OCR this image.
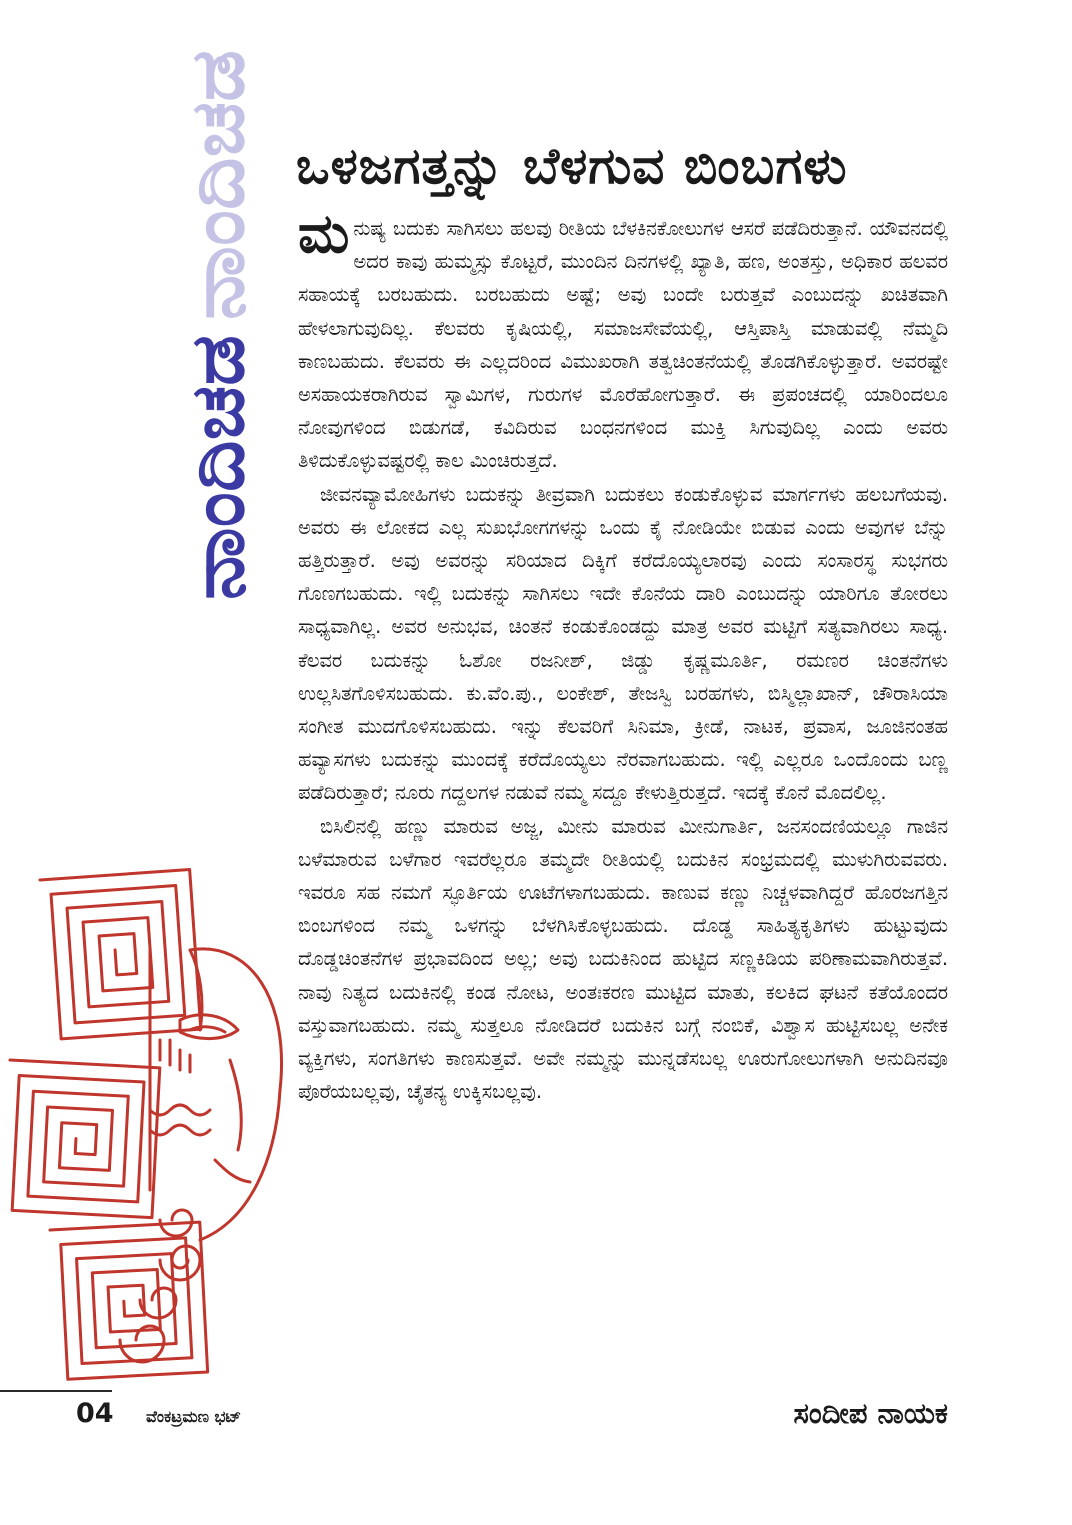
ನಾಂದಿಚಡ
ನಾಂದಿಚಡ
ಒಳಜಗತ್ತನ್ನು ಬೆಳಗುವ ಬಿಂಬಗಳು

ಮನುಷ್ಯ ಬದುಕು ಸಾಗಿಸಲು ಹಲವು ರೀತಿಯ ಬೆಳಕಿನಕೋಲುಗಳ ಆಸರೆ ಪಡೆದಿರುತ್ತಾನೆ. ಯೌವನದಲ್ಲಿ ಅದರ ಕಾವು ಹುಮ್ಮಸ್ಸು ಕೊಟ್ಟರೆ, ಮುಂದಿನ ದಿನಗಳಲ್ಲಿ ಖ್ಯಾತಿ, ಹಣ, ಅಂತಸ್ತು, ಅಧಿಕಾರ ಹಲವರ ಸಹಾಯಕ್ಕೆ ಬರಬಹುದು. ಬರಬಹುದು ಅಷ್ಟೆ; ಅವು ಬಂದೇ ಬರುತ್ತವೆ ಎಂಬುದನ್ನು ಖಚಿತವಾಗಿ ಹೇಳಲಾಗುವುದಿಲ್ಲ. ಕೆಲವರು ಕೃಷಿಯಲ್ಲಿ, ಸಮಾಜಸೇವೆಯಲ್ಲಿ, ಆಸ್ತಿಪಾಸ್ತಿ ಮಾಡುವಲ್ಲಿ ನೆಮ್ಮದಿ ಕಾಣಬಹುದು. ಕೆಲವರು ಈ ಎಲ್ಲದರಿಂದ ವಿಮುಖರಾಗಿ ತತ್ವಚಿಂತನೆಯಲ್ಲಿ ತೊಡಗಿಕೊಳ್ಳುತ್ತಾರೆ. ಅವರಷ್ಟೇ ಅಸಹಾಯಕರಾಗಿರುವ ಸ್ವಾಮಿಗಳ, ಗುರುಗಳ ಮೊರೆಹೋಗುತ್ತಾರೆ. ಈ ಪ್ರಪಂಚದಲ್ಲಿ ಯಾರಿಂದಲೂ ನೋವುಗಳಿಂದ ಬಿಡುಗಡೆ, ಕವಿದಿರುವ ಬಂಧನಗಳಿಂದ ಮುಕ್ತಿ ಸಿಗುವುದಿಲ್ಲ ಎಂದು ಅವರು ತಿಳಿದುಕೊಳ್ಳುವಷ್ಟರಲ್ಲಿ ಕಾಲ ಮಿಂಚಿರುತ್ತದೆ.

ಜೀವನವ್ಯಾಮೋಹಿಗಳು ಬದುಕನ್ನು ತೀವ್ರವಾಗಿ ಬದುಕಲು ಕಂಡುಕೊಳ್ಳುವ ಮಾರ್ಗಗಳು ಹಲಬಗೆಯವು. ಅವರು ಈ ಲೋಕದ ಎಲ್ಲ ಸುಖಭೋಗಗಳನ್ನು ಒಂದು ಕೈ ನೋಡಿಯೇ ಬಿಡುವ ಎಂದು ಅವುಗಳ ಬೆನ್ನು ಹತ್ತಿರುತ್ತಾರೆ. ಅವು ಅವರನ್ನು ಸರಿಯಾದ ದಿಕ್ಕಿಗೆ ಕರೆದೊಯ್ಯಲಾರವು ಎಂದು ಸಂಸಾರಸ್ಥ ಸುಭಗರು ಗೊಣಗಬಹುದು. ಇಲ್ಲಿ ಬದುಕನ್ನು ಸಾಗಿಸಲು ಇದೇ ಕೊನೆಯ ದಾರಿ ಎಂಬುದನ್ನು ಯಾರಿಗೂ ತೋರಲು ಸಾಧ್ಯವಾಗಿಲ್ಲ. ಅವರ ಅನುಭವ, ಚಿಂತನೆ ಕಂಡುಕೊಂಡದ್ದು ಮಾತ್ರ ಅವರ ಮಟ್ಟಿಗೆ ಸತ್ಯವಾಗಿರಲು ಸಾಧ್ಯ. ಕೆಲವರ ಬದುಕನ್ನು ಓಶೋ ರಜನೀಶ್, ಜಿಡ್ಡು ಕೃಷ್ಣಮೂರ್ತಿ, ರಮಣರ ಚಿಂತನೆಗಳು ಉಲ್ಲಸಿತಗೊಳಿಸಬಹುದು. ಕು.ವೆಂ.ಪು., ಲಂಕೇಶ್, ತೇಜಸ್ವಿ ಬರಹಗಳು, ಬಿಸ್ಮಿಲ್ಲಾಖಾನ್, ಚೌರಾಸಿಯಾ ಸಂಗೀತ ಮುದಗೊಳಿಸಬಹುದು. ಇನ್ನು ಕೆಲವರಿಗೆ ಸಿನಿಮಾ, ಕ್ರೀಡೆ, ನಾಟಕ, ಪ್ರವಾಸ, ಜೂಜಿನಂತಹ ಹವ್ಯಾಸಗಳು ಬದುಕನ್ನು ಮುಂದಕ್ಕೆ ಕರೆದೊಯ್ಯಲು ನೆರವಾಗಬಹುದು. ಇಲ್ಲಿ ಎಲ್ಲರೂ ಒಂದೊಂದು ಬಣ್ಣ ಪಡೆದಿರುತ್ತಾರೆ; ನೂರು ಗದ್ದಲಗಳ ನಡುವೆ ನಮ್ಮ ಸದ್ದೂ ಕೇಳುತ್ತಿರುತ್ತದೆ. ಇದಕ್ಕೆ ಕೊನೆ ಮೊದಲಿಲ್ಲ.

ಬಿಸಿಲಿನಲ್ಲಿ ಹಣ್ಣು ಮಾರುವ ಅಜ್ಜ, ಮೀನು ಮಾರುವ ಮೀನುಗಾರ್ತಿ, ಜನಸಂದಣಿಯಲ್ಲೂ ಗಾಜಿನ ಬಳೆಮಾರುವ ಬಳೆಗಾರ ಇವರೆಲ್ಲರೂ ತಮ್ಮದೇ ರೀತಿಯಲ್ಲಿ ಬದುಕಿನ ಸಂಭ್ರಮದಲ್ಲಿ ಮುಳುಗಿರುವವರು. ಇವರೂ ಸಹ ನಮಗೆ ಸ್ಫೂರ್ತಿಯ ಊಟೆಗಳಾಗಬಹುದು. ಕಾಣುವ ಕಣ್ಣು ನಿಚ್ಚಳವಾಗಿದ್ದರೆ ಹೊರಜಗತ್ತಿನ ಬಿಂಬಗಳಿಂದ ನಮ್ಮ ಒಳಗನ್ನು ಬೆಳಗಿಸಿಕೊಳ್ಳಬಹುದು. ದೊಡ್ಡ ಸಾಹಿತ್ಯಕೃತಿಗಳು ಹುಟ್ಟುವುದು ದೊಡ್ಡಚಿಂತನೆಗಳ ಪ್ರಭಾವದಿಂದ ಅಲ್ಲ; ಅವು ಬದುಕಿನಿಂದ ಹುಟ್ಟಿದ ಸಣ್ಣಕಿಡಿಯ ಪರಿಣಾಮವಾಗಿರುತ್ತವೆ. ನಾವು ನಿತ್ಯದ ಬದುಕಿನಲ್ಲಿ ಕಂಡ ನೋಟ, ಅಂತಃಕರಣ ಮುಟ್ಟಿದ ಮಾತು, ಕಲಕಿದ ಘಟನೆ ಕತೆಯೊಂದರ ವಸ್ತುವಾಗಬಹುದು. ನಮ್ಮ ಸುತ್ತಲೂ ನೋಡಿದರೆ ಬದುಕಿನ ಬಗ್ಗೆ ನಂಬಿಕೆ, ವಿಶ್ವಾಸ ಹುಟ್ಟಿಸಬಲ್ಲ ಅನೇಕ ವ್ಯಕ್ತಿಗಳು, ಸಂಗತಿಗಳು ಕಾಣಸುತ್ತವೆ. ಅವೇ ನಮ್ಮನ್ನು ಮುನ್ನಡೆಸಬಲ್ಲ ಊರುಗೋಲುಗಳಾಗಿ ಅನುದಿನವೂ ಪೊರೆಯಬಲ್ಲವು, ಚೈತನ್ಯ ಉಕ್ಕಿಸಬಲ್ಲವು.

ಸಂದೀಪ ನಾಯಕ
04 ವೆಂಕಟ್ರಮಣ ಭಟ್
